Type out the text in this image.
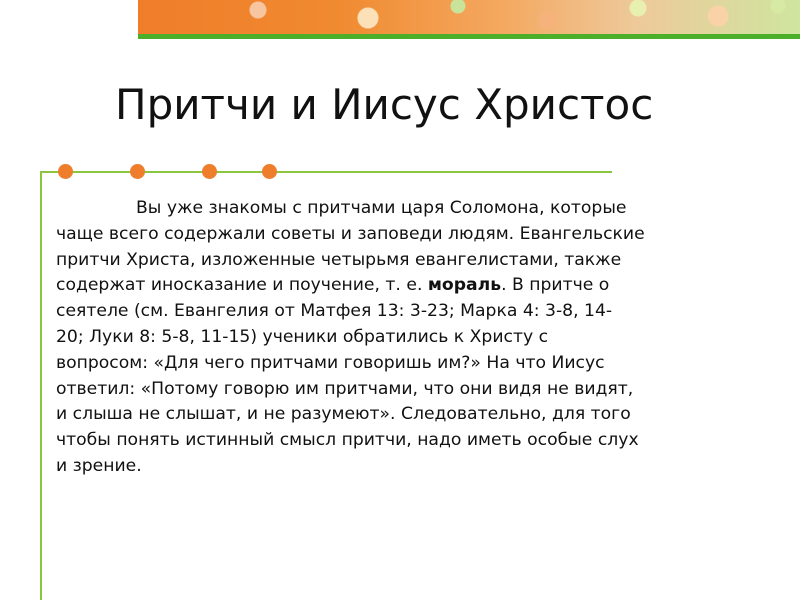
Притчи и Иисус Христос
Вы уже знакомы с притчами царя Соломона, которые
чаще всего содержали советы и заповеди людям. Евангельские
притчи Христа, изложенные четырьмя евангелистами, также
содержат иносказание и поучение, т. е. мораль. В притче о
сеятеле (см. Евангелия от Матфея 13: 3-23; Марка 4: 3-8, 14-
20; Луки 8: 5-8, 11-15) ученики обратились к Христу с
вопросом: «Для чего притчами говоришь им?» На что Иисус
ответил: «Потому говорю им притчами, что они видя не видят,
и слыша не слышат, и не разумеют». Следовательно, для того
чтобы понять истинный смысл притчи, надо иметь особые слух
и зрение.
